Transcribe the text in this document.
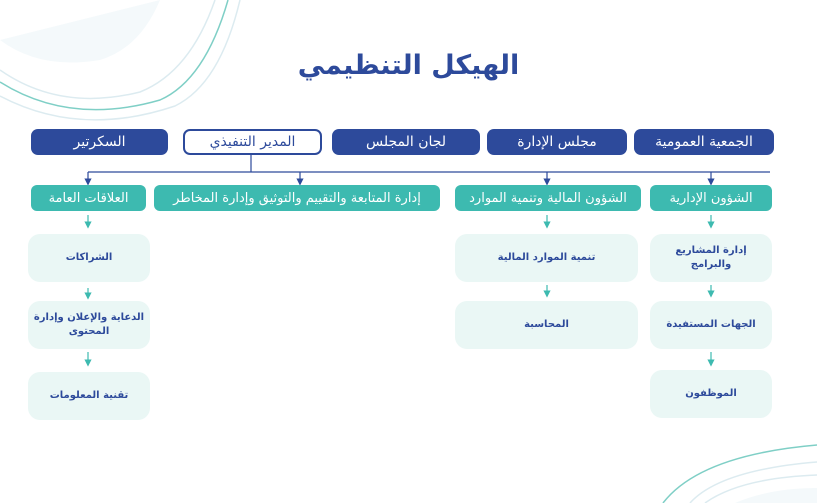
الهيكل التنظيمي
الجمعية العمومية
مجلس الإدارة
لجان المجلس
المدير التنفيذي
السكرتير
الشؤون الإدارية
الشؤون المالية وتنمية الموارد
إدارة المتابعة والتقييم والتوثيق وإدارة المخاطر
العلاقات العامة
إدارة المشاريع والبرامج
الجهات المستفيدة
الموظفون
تنمية الموارد المالية
المحاسبة
الشراكات
الدعاية والإعلان وإدارة المحتوى
تقنية المعلومات
